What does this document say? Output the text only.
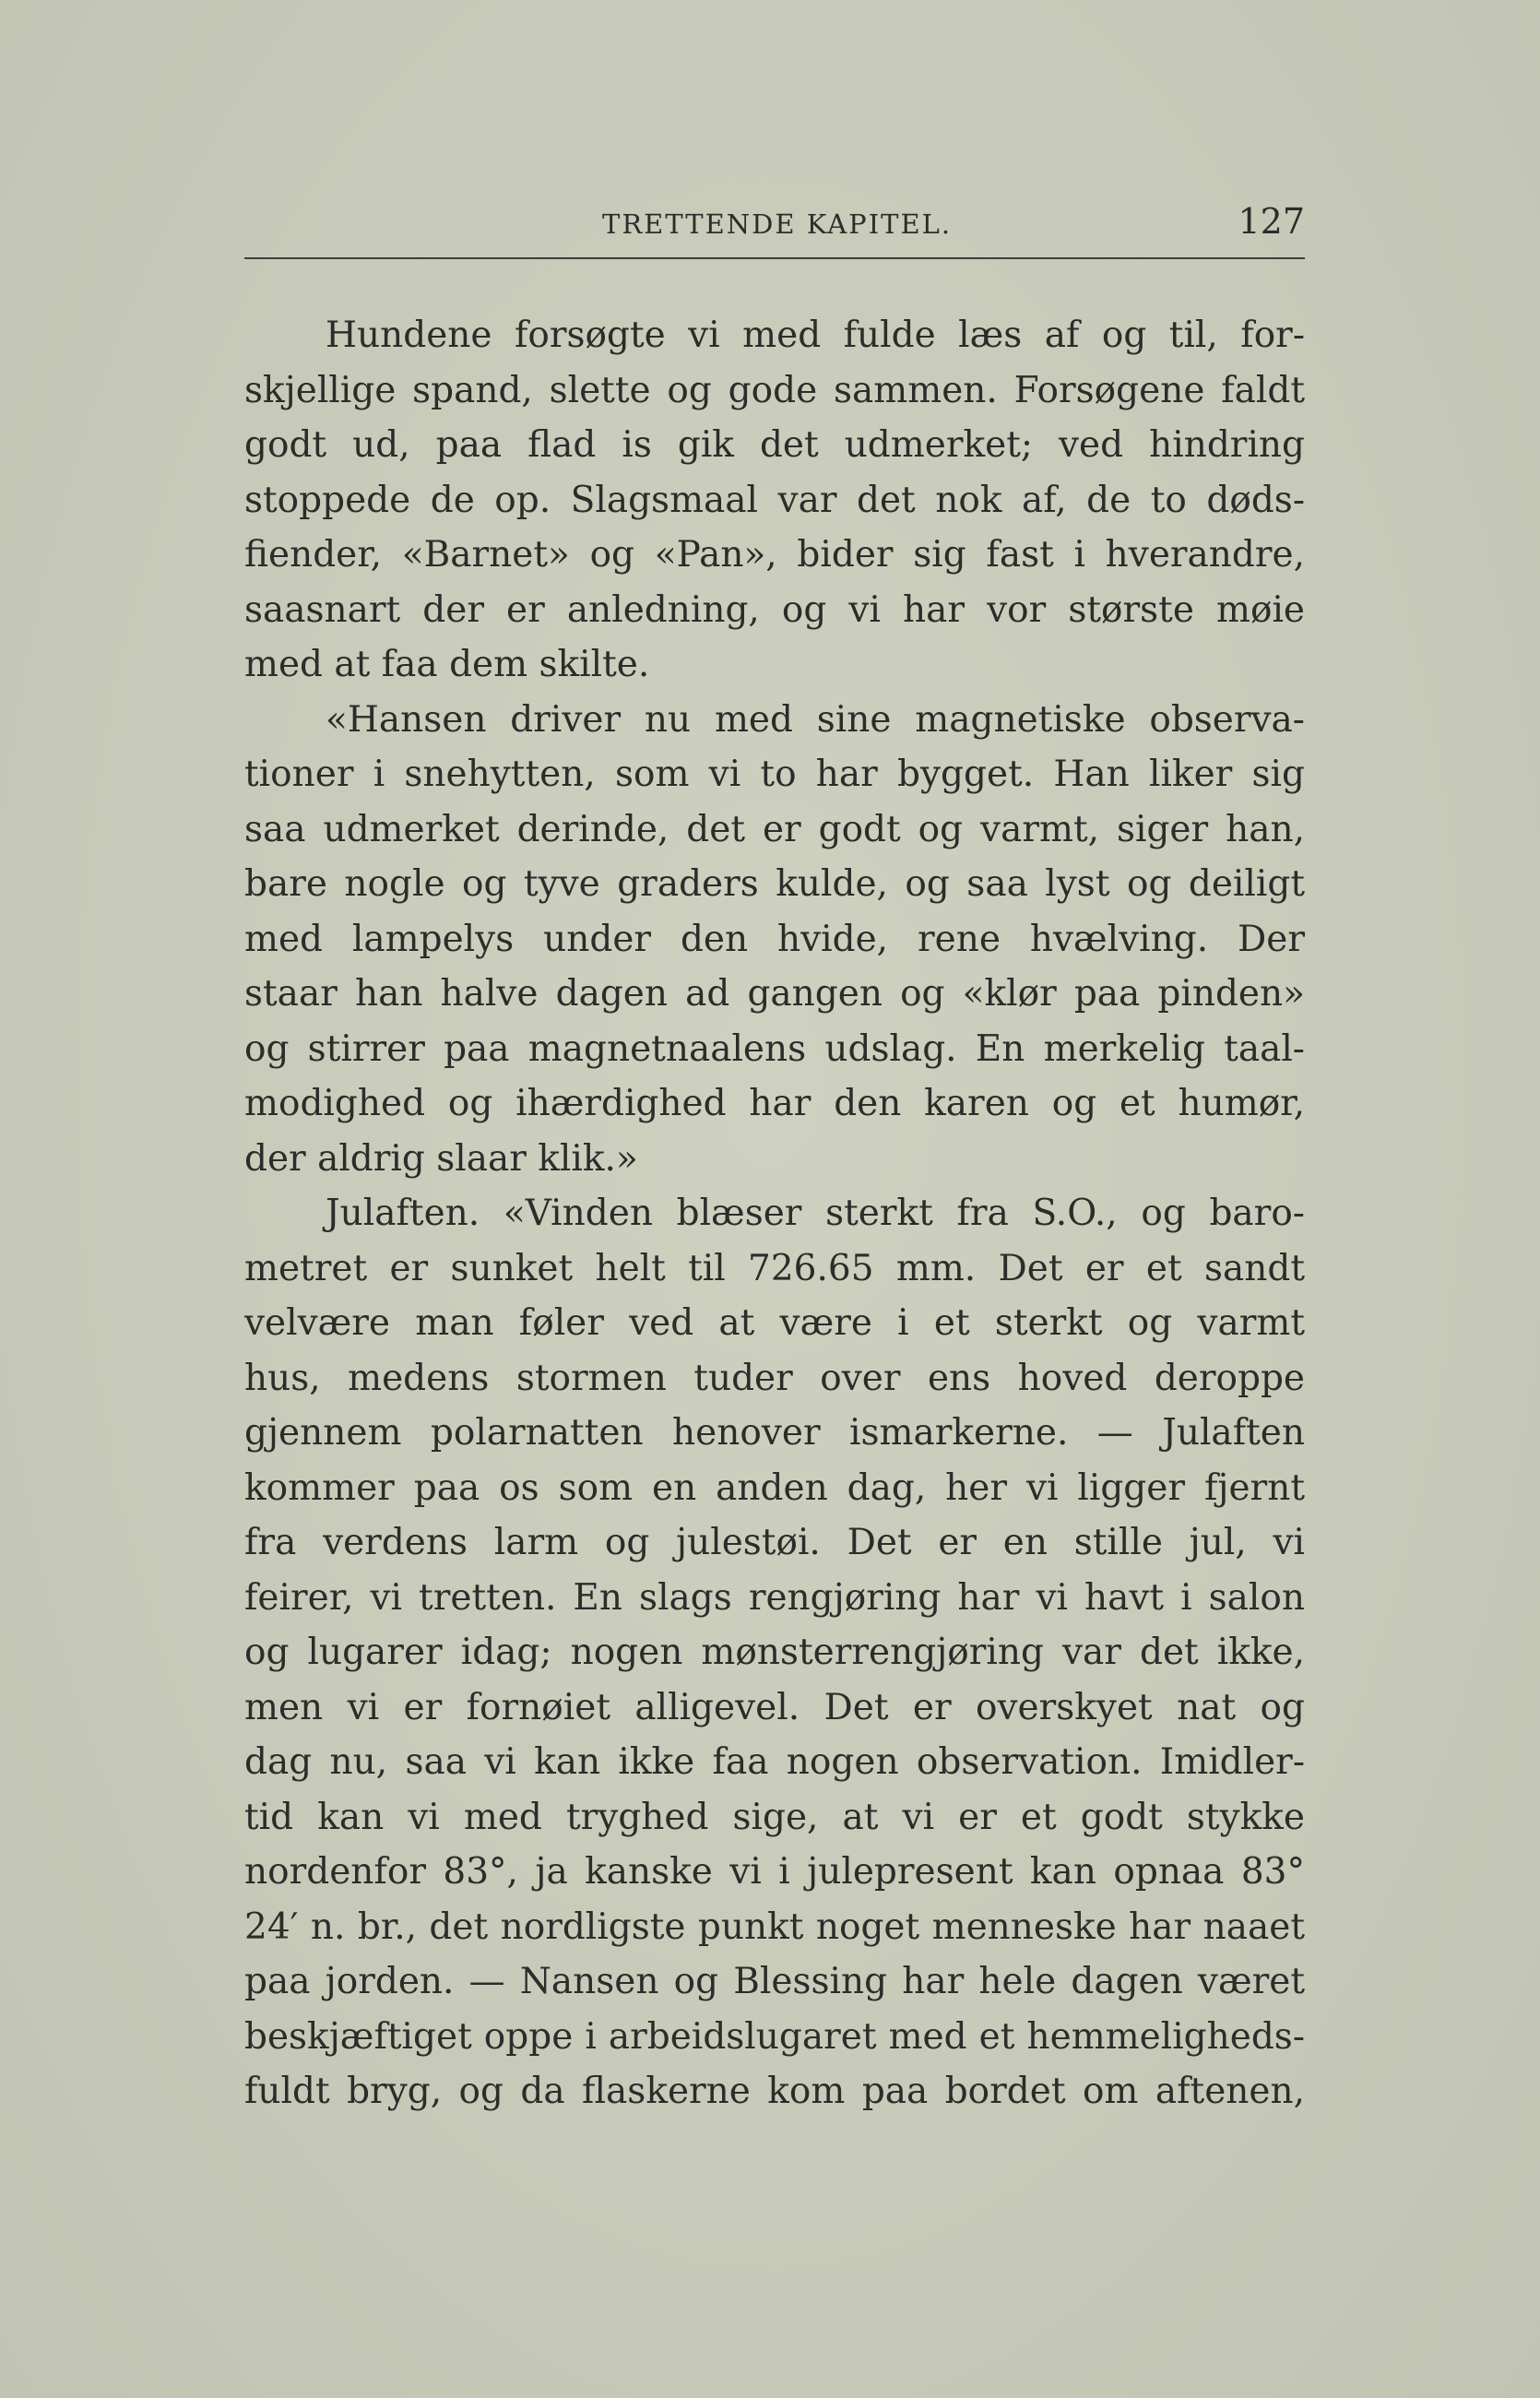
TRETTENDE KAPITEL.	127
Hundene forsøgte vi med fulde læs af og til, for-
skjellige spand, slette og gode sammen. Forsøgene faldt
godt ud, paa flad is gik det udmerket; ved hindring
stoppede de op. Slagsmaal var det nok af, de to døds-
fiender, «Barnet» og «Pan», bider sig fast i hverandre,
saasnart der er anledning, og vi har vor største møie
med at faa dem skilte.
«Hansen driver nu med sine magnetiske observa-
tioner i snehytten, som vi to har bygget. Han liker sig
saa udmerket derinde, det er godt og varmt, siger han,
bare nogle og tyve graders kulde, og saa lyst og deiligt
med lampelys under den hvide, rene hvælving. Der
staar han halve dagen ad gangen og «klør paa pinden»
og stirrer paa magnetnaalens udslag. En merkelig taal-
modighed og ihærdighed har den karen og et humør,
der aldrig slaar klik.»
Julaften. «Vinden blæser sterkt fra S.O., og baro-
metret er sunket helt til 726.65 mm. Det er et sandt
velvære man føler ved at være i et sterkt og varmt
hus, medens stormen tuder over ens hoved deroppe
gjennem polarnatten henover ismarkerne. — Julaften
kommer paa os som en anden dag, her vi ligger fjernt
fra verdens larm og julestøi. Det er en stille jul, vi
feirer, vi tretten. En slags rengjøring har vi havt i salon
og lugarer idag; nogen mønsterrengjøring var det ikke,
men vi er fornøiet alligevel. Det er overskyet nat og
dag nu, saa vi kan ikke faa nogen observation. Imidler-
tid kan vi med tryghed sige, at vi er et godt stykke
nordenfor 83°, ja kanske vi i julepresent kan opnaa 83°
24′ n. br., det nordligste punkt noget menneske har naaet
paa jorden. — Nansen og Blessing har hele dagen været
beskjæftiget oppe i arbeidslugaret med et hemmeligheds-
fuldt bryg, og da flaskerne kom paa bordet om aftenen,
